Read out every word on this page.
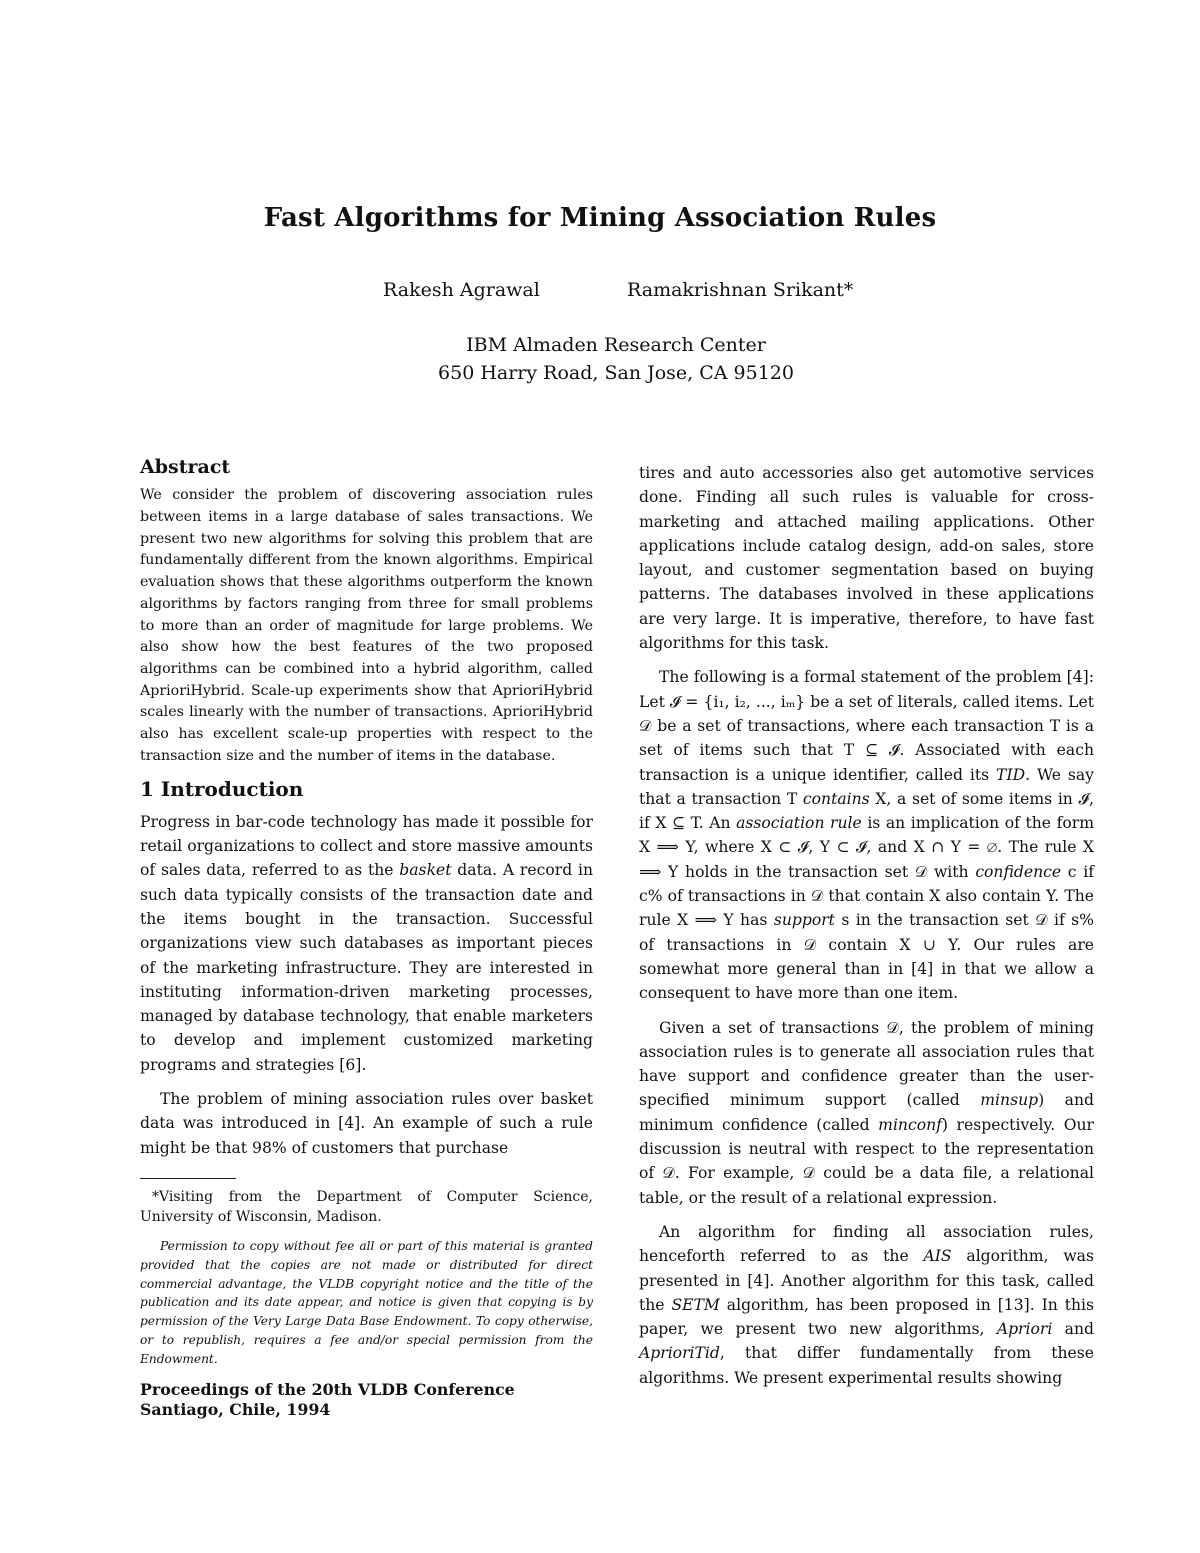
Fast Algorithms for Mining Association Rules
Rakesh Agrawal	Ramakrishnan Srikant*
IBM Almaden Research Center
650 Harry Road, San Jose, CA 95120
Abstract

We consider the problem of discovering association rules between items in a large database of sales transactions. We present two new algorithms for solving this problem that are fundamentally different from the known algorithms. Empirical evaluation shows that these algorithms outperform the known algorithms by factors ranging from three for small problems to more than an order of magnitude for large problems. We also show how the best features of the two proposed algorithms can be combined into a hybrid algorithm, called AprioriHybrid. Scale-up experiments show that AprioriHybrid scales linearly with the number of transactions. AprioriHybrid also has excellent scale-up properties with respect to the transaction size and the number of items in the database.

1 Introduction

Progress in bar-code technology has made it possible for retail organizations to collect and store massive amounts of sales data, referred to as the basket data. A record in such data typically consists of the transaction date and the items bought in the transaction. Successful organizations view such databases as important pieces of the marketing infrastructure. They are interested in instituting information-driven marketing processes, managed by database technology, that enable marketers to develop and implement customized marketing programs and strategies [6].

The problem of mining association rules over basket data was introduced in [4]. An example of such a rule might be that 98% of customers that purchase

*Visiting from the Department of Computer Science, University of Wisconsin, Madison.

Permission to copy without fee all or part of this material is granted provided that the copies are not made or distributed for direct commercial advantage, the VLDB copyright notice and the title of the publication and its date appear, and notice is given that copying is by permission of the Very Large Data Base Endowment. To copy otherwise, or to republish, requires a fee and/or special permission from the Endowment.

Proceedings of the 20th VLDB Conference
Santiago, Chile, 1994

tires and auto accessories also get automotive services done. Finding all such rules is valuable for cross-marketing and attached mailing applications. Other applications include catalog design, add-on sales, store layout, and customer segmentation based on buying patterns. The databases involved in these applications are very large. It is imperative, therefore, to have fast algorithms for this task.

The following is a formal statement of the problem [4]: Let 𝓘 = {i₁, i₂, ..., iₘ} be a set of literals, called items. Let 𝒟 be a set of transactions, where each transaction T is a set of items such that T ⊆ 𝓘. Associated with each transaction is a unique identifier, called its TID. We say that a transaction T contains X, a set of some items in 𝓘, if X ⊆ T. An association rule is an implication of the form X ⟹ Y, where X ⊂ 𝓘, Y ⊂ 𝓘, and X ∩ Y = ∅. The rule X ⟹ Y holds in the transaction set 𝒟 with confidence c if c% of transactions in 𝒟 that contain X also contain Y. The rule X ⟹ Y has support s in the transaction set 𝒟 if s% of transactions in 𝒟 contain X ∪ Y. Our rules are somewhat more general than in [4] in that we allow a consequent to have more than one item.

Given a set of transactions 𝒟, the problem of mining association rules is to generate all association rules that have support and confidence greater than the user-specified minimum support (called minsup) and minimum confidence (called minconf) respectively. Our discussion is neutral with respect to the representation of 𝒟. For example, 𝒟 could be a data file, a relational table, or the result of a relational expression.

An algorithm for finding all association rules, henceforth referred to as the AIS algorithm, was presented in [4]. Another algorithm for this task, called the SETM algorithm, has been proposed in [13]. In this paper, we present two new algorithms, Apriori and AprioriTid, that differ fundamentally from these algorithms. We present experimental results showing
